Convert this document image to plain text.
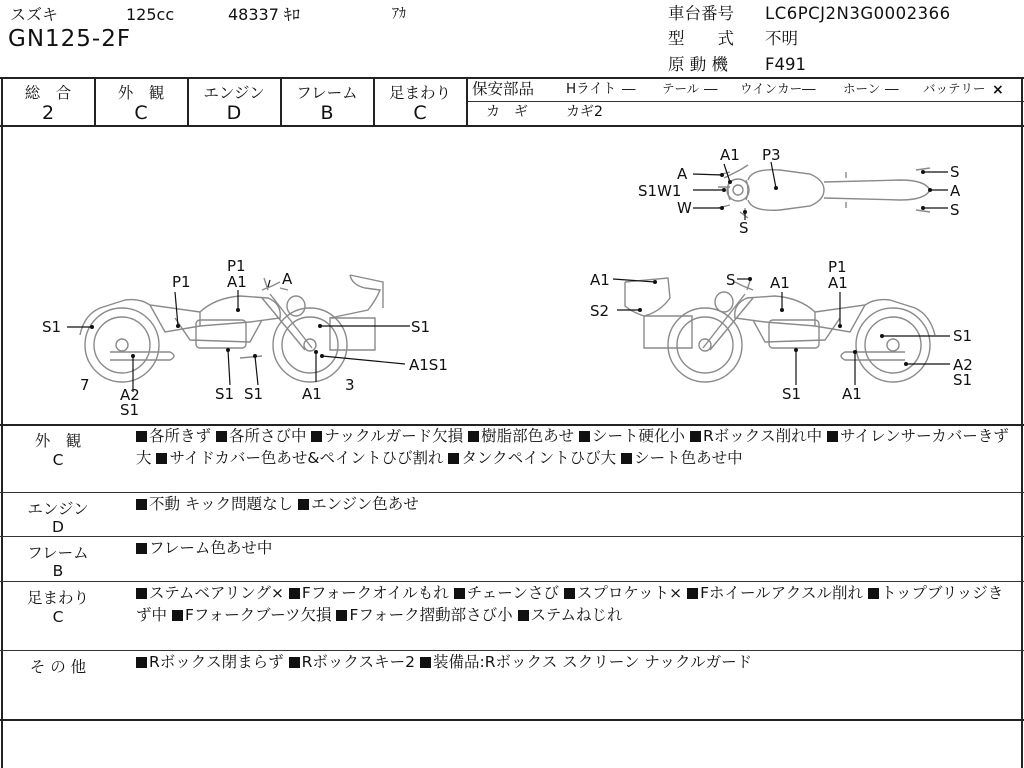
スズキ	125cc	48337 ｷﾛ	ｱｶ
GN125-2F
車台番号 LC6PCJ2N3G0002366
型　　式 不明
原 動 機 F491
総　合
2
外　観
C
エンジン
D
フレーム
B
足まわり
C
保安部品 Hライト ― テール ― ウインカー ― ホーン ― バッテリー ×
カ　ギ	カギ2
P1 A1 A
P1
S1	S1
A1S1
7
A2
S1
S1 S1	A1 3
A1	S A1
P1
A1
S2
S1
A2
S1
S1	A1
A1 P3
A
S1W1
W
S
S
A
S
外　観
C
各所きず 各所さび中 ナックルガード欠損 樹脂部色あせ シート硬化小 Rボックス削れ中 サイレンサーカバーきず大 サイドカバー色あせ&ペイントひび割れ タンクペイントひび大 シート色あせ中
エンジン
D
不動 キック問題なし エンジン色あせ
フレーム
B
フレーム色あせ中
足まわり
C
ステムベアリング× Fフォークオイルもれ チェーンさび スプロケット× Fホイールアクスル削れ トップブリッジきず中 Fフォークブーツ欠損 Fフォーク摺動部さび小 ステムねじれ
そ の 他	Rボックス閉まらず Rボックスキー2 装備品:Rボックス スクリーン ナックルガード
